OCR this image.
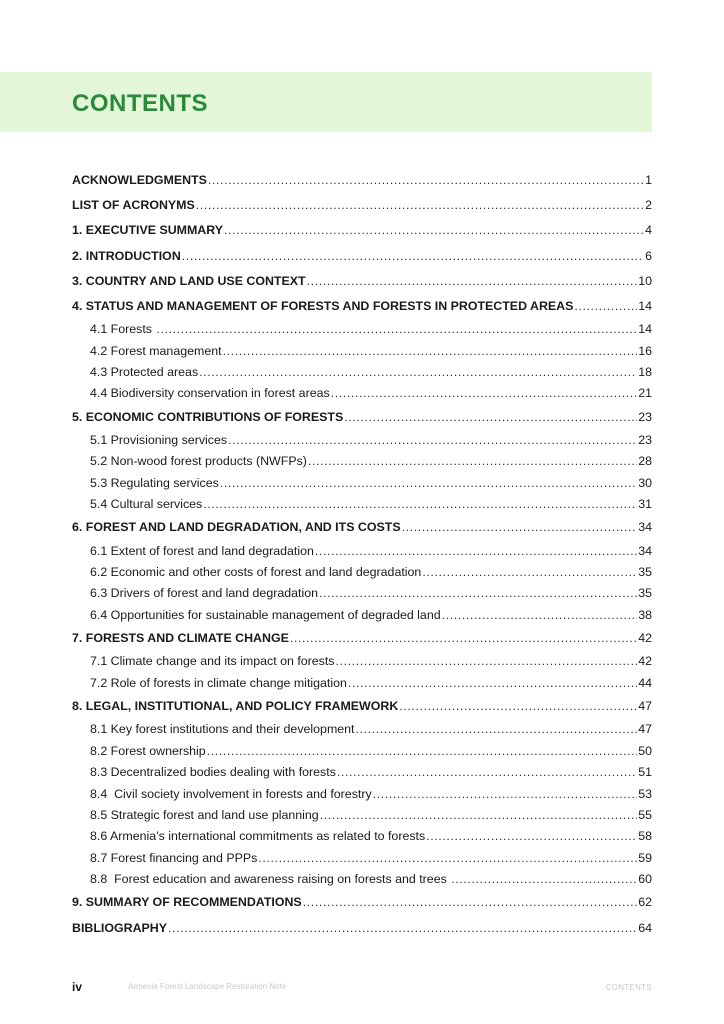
CONTENTS
ACKNOWLEDGMENTS .....	1
LIST OF ACRONYMS .....	2
1. EXECUTIVE SUMMARY .....	4
2. INTRODUCTION .....	6
3. COUNTRY AND LAND USE CONTEXT .....	10
4. STATUS AND MANAGEMENT OF FORESTS AND FORESTS IN PROTECTED AREAS .....	14
4.1 Forests .....	14
4.2 Forest management .....	16
4.3 Protected areas .....	18
4.4 Biodiversity conservation in forest areas .....	21
5. ECONOMIC CONTRIBUTIONS OF FORESTS .....	23
5.1 Provisioning services .....	23
5.2 Non-wood forest products (NWFPs) .....	28
5.3 Regulating services .....	30
5.4 Cultural services .....	31
6. FOREST AND LAND DEGRADATION, AND ITS COSTS .....	34
6.1 Extent of forest and land degradation .....	34
6.2 Economic and other costs of forest and land degradation .....	35
6.3 Drivers of forest and land degradation .....	35
6.4 Opportunities for sustainable management of degraded land .....	38
7. FORESTS AND CLIMATE CHANGE .....	42
7.1 Climate change and its impact on forests .....	42
7.2 Role of forests in climate change mitigation .....	44
8. LEGAL, INSTITUTIONAL, AND POLICY FRAMEWORK .....	47
8.1 Key forest institutions and their development .....	47
8.2 Forest ownership .....	50
8.3 Decentralized bodies dealing with forests .....	51
8.4  Civil society involvement in forests and forestry .....	53
8.5 Strategic forest and land use planning .....	55
8.6 Armenia’s international commitments as related to forests .....	58
8.7 Forest financing and PPPs .....	59
8.8  Forest education and awareness raising on forests and trees .....	60
9. SUMMARY OF RECOMMENDATIONS .....	62
BIBLIOGRAPHY .....	64
iv	Armenia Forest Landscape Restoration Note	CONTENTS
